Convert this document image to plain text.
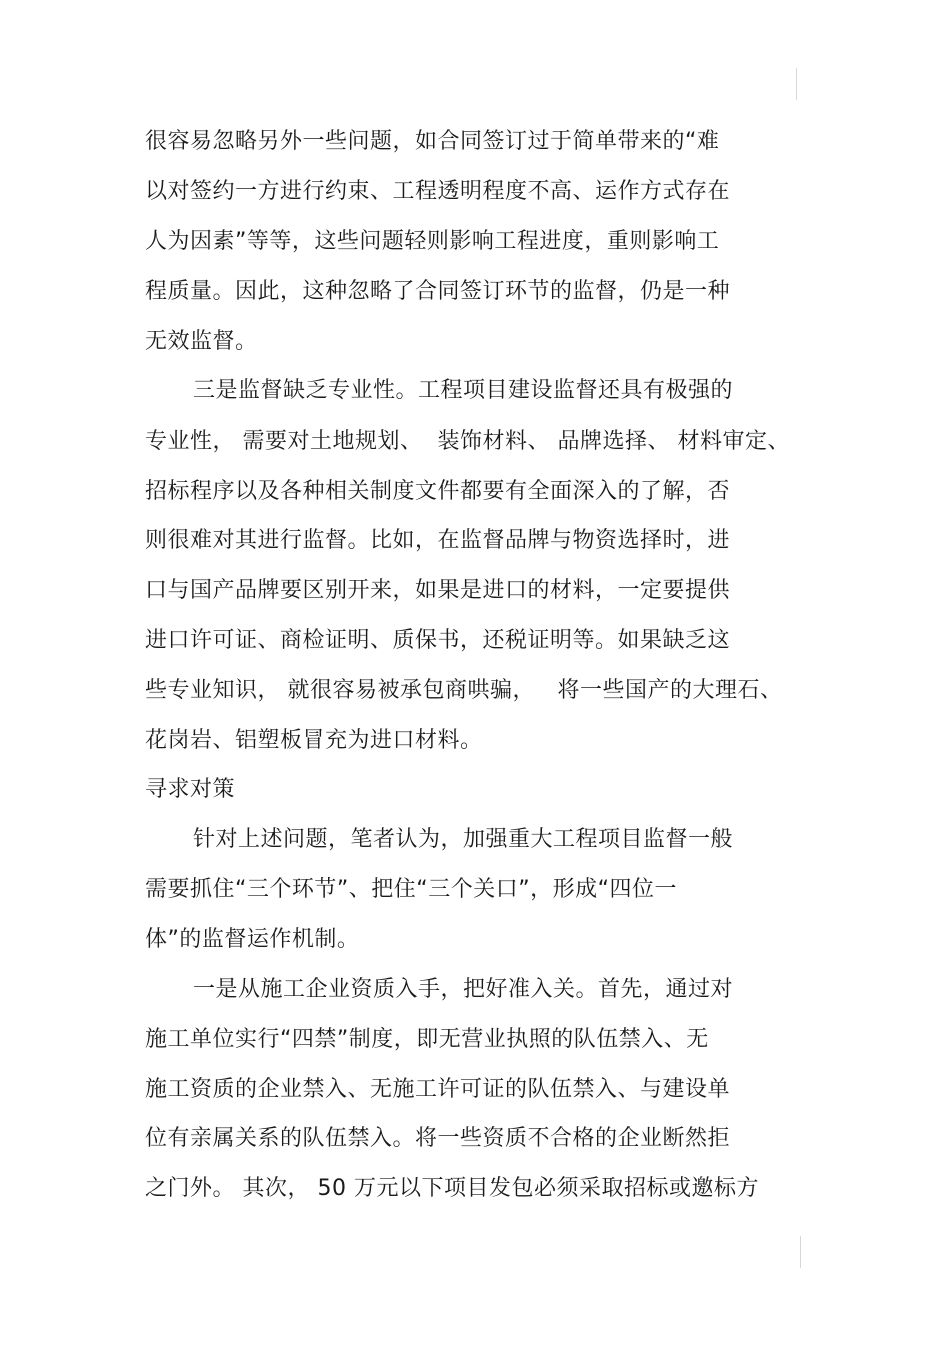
很容易忽略另外一些问题，如合同签订过于简单带来的“难
以对签约一方进行约束、工程透明程度不高、运作方式存在
人为因素”等等，这些问题轻则影响工程进度，重则影响工
程质量。因此，这种忽略了合同签订环节的监督，仍是一种
无效监督。
三是监督缺乏专业性。工程项目建设监督还具有极强的
专业性， 需要对土地规划、  装饰材料、 品牌选择、 材料审定、
招标程序以及各种相关制度文件都要有全面深入的了解，否
则很难对其进行监督。比如，在监督品牌与物资选择时，进
口与国产品牌要区别开来，如果是进口的材料，一定要提供
进口许可证、商检证明、质保书，还税证明等。如果缺乏这
些专业知识， 就很容易被承包商哄骗，   将一些国产的大理石、
花岗岩、铝塑板冒充为进口材料。
寻求对策
针对上述问题，笔者认为，加强重大工程项目监督一般
需要抓住“三个环节”、把住“三个关口”，形成“四位一
体”的监督运作机制。
一是从施工企业资质入手，把好准入关。首先，通过对
施工单位实行“四禁”制度，即无营业执照的队伍禁入、无
施工资质的企业禁入、无施工许可证的队伍禁入、与建设单
位有亲属关系的队伍禁入。将一些资质不合格的企业断然拒
之门外。 其次， 50 万元以下项目发包必须采取招标或邀标方
